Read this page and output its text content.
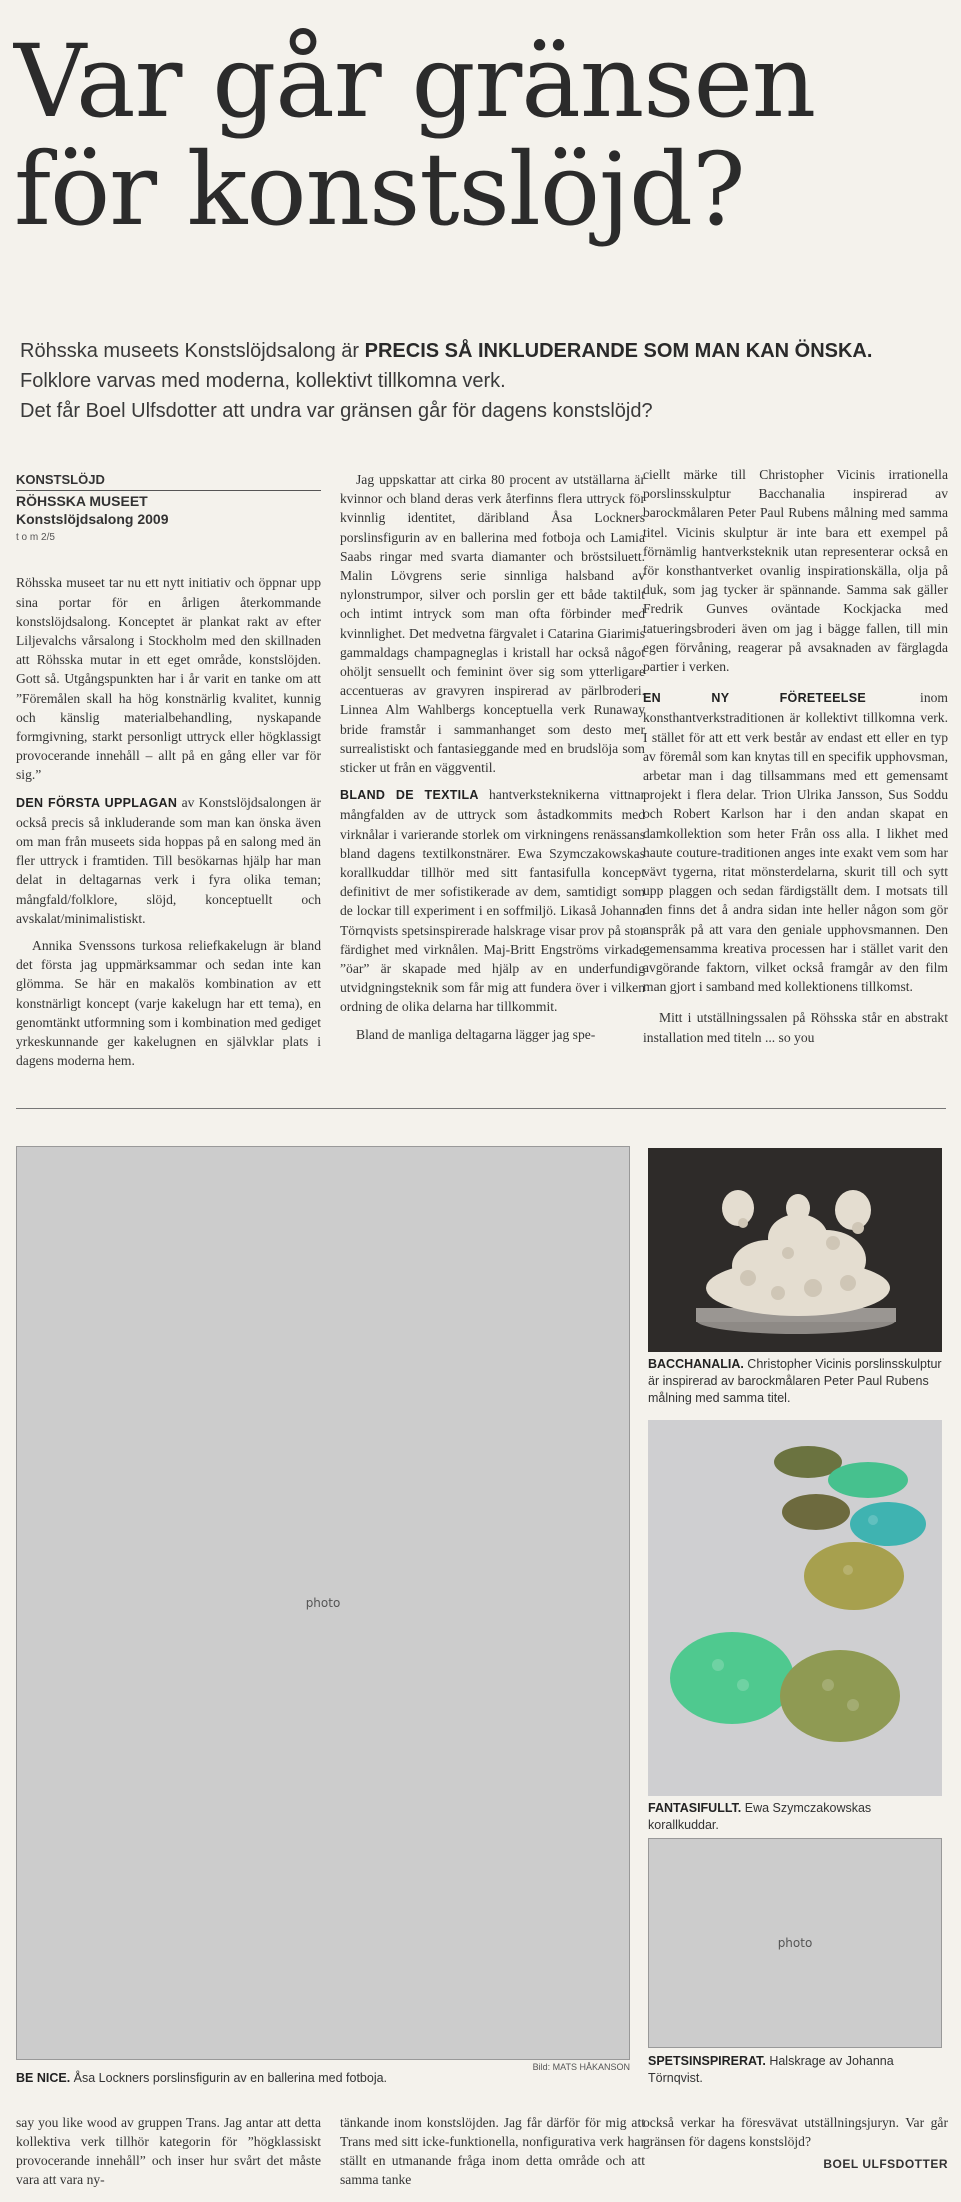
Var går gränsen
för konstslöjd?
Röhsska museets Konstslöjdsalong är PRECIS SÅ INKLUDERANDE SOM MAN KAN ÖNSKA.
Folklore varvas med moderna, kollektivt tillkomna verk.
Det får Boel Ulfsdotter att undra var gränsen går för dagens konstslöjd?
KONSTSLÖJD
RÖHSSKA MUSEET
Konstslöjdsalong 2009
t o m 2/5

Röhsska museet tar nu ett nytt initiativ och öppnar upp sina portar för en årligen återkommande konstslöjdsalong. Konceptet är plankat rakt av efter Liljevalchs vårsalong i Stockholm med den skillnaden att Röhsska mutar in ett eget område, konstslöjden. Gott så. Utgångspunkten har i år varit en tanke om att ”Föremålen skall ha hög konstnärlig kvalitet, kunnig och känslig materialbehandling, nyskapande formgivning, starkt personligt uttryck eller högklassigt provocerande innehåll – allt på en gång eller var för sig.”

DEN FÖRSTA UPPLAGAN av Konstslöjdsalongen är också precis så inkluderande som man kan önska även om man från museets sida hoppas på en salong med än fler uttryck i framtiden. Till besökarnas hjälp har man delat in deltagarnas verk i fyra olika teman; mångfald/folklore, slöjd, konceptuellt och avskalat/minimalistiskt.

Annika Svenssons turkosa reliefkakelugn är bland det första jag uppmärksammar och sedan inte kan glömma. Se här en makalös kombination av ett konstnärligt koncept (varje kakelugn har ett tema), en genomtänkt utformning som i kombination med gediget yrkeskunnande ger kakelugnen en självklar plats i dagens moderna hem.

Jag uppskattar att cirka 80 procent av utställarna är kvinnor och bland deras verk återfinns flera uttryck för kvinnlig identitet, däribland Åsa Lockners porslinsfigurin av en ballerina med fotboja och Lamia Saabs ringar med svarta diamanter och bröstsiluett. Malin Lövgrens serie sinnliga halsband av nylonstrumpor, silver och porslin ger ett både taktilt och intimt intryck som man ofta förbinder med kvinnlighet. Det medvetna färgvalet i Catarina Giarimis gammaldags champagneglas i kristall har också något ohöljt sensuellt och feminint över sig som ytterligare accentueras av gravyren inspirerad av pärlbroderi. Linnea Alm Wahlbergs konceptuella verk Runaway bride framstår i sammanhanget som desto mer surrealistiskt och fantasieggande med en brudslöja som sticker ut från en väggventil.

BLAND DE TEXTILA hantverksteknikerna vittnar mångfalden av de uttryck som åstadkommits med virknålar i varierande storlek om virkningens renässans bland dagens textilkonstnärer. Ewa Szymczakowskas korallkuddar tillhör med sitt fantasifulla koncept definitivt de mer sofistikerade av dem, samtidigt som de lockar till experiment i en soffmiljö. Likaså Johanna Törnqvists spetsinspirerade halskrage visar prov på stor färdighet med virknålen. Maj-Britt Engströms virkade ”öar” är skapade med hjälp av en underfundig utvidgningsteknik som får mig att fundera över i vilken ordning de olika delarna har tillkommit.

Bland de manliga deltagarna lägger jag spe-

ciellt märke till Christopher Vicinis irrationella porslinsskulptur Bacchanalia inspirerad av barockmålaren Peter Paul Rubens målning med samma titel. Vicinis skulptur är inte bara ett exempel på förnämlig hantverksteknik utan representerar också en för konsthantverket ovanlig inspirationskälla, olja på duk, som jag tycker är spännande. Samma sak gäller Fredrik Gunves oväntade Kockjacka med tatueringsbroderi även om jag i bägge fallen, till min egen förvåning, reagerar på avsaknaden av färglagda partier i verken.

EN NY FÖRETEELSE inom konsthantverkstraditionen är kollektivt tillkomna verk. I stället för att ett verk består av endast ett eller en typ av föremål som kan knytas till en specifik upphovsman, arbetar man i dag tillsammans med ett gemensamt projekt i flera delar. Trion Ulrika Jansson, Sus Soddu och Robert Karlson har i den andan skapat en damkollektion som heter Från oss alla. I likhet med haute couture-traditionen anges inte exakt vem som har vävt tygerna, ritat mönsterdelarna, skurit till och sytt upp plaggen och sedan färdigställt dem. I motsats till den finns det å andra sidan inte heller någon som gör anspråk på att vara den geniale upphovsmannen. Den gemensamma kreativa processen har i stället varit den avgörande faktorn, vilket också framgår av den film man gjort i samband med kollektionens tillkomst.

Mitt i utställningssalen på Röhsska står en abstrakt installation med titeln ... so you

photo
Bild: MATS HÅKANSON
BE NICE. Åsa Lockners porslinsfigurin av en ballerina med fotboja.
BACCHANALIA. Christopher Vicinis porslinsskulptur är inspirerad av barockmålaren Peter Paul Rubens målning med samma titel.
FANTASIFULLT. Ewa Szymczakowskas korallkuddar.
photo
SPETSINSPIRERAT. Halskrage av Johanna Törnqvist.
say you like wood av gruppen Trans. Jag antar att detta kollektiva verk tillhör kategorin för ”högklassiskt provocerande innehåll” och inser hur svårt det måste vara att vara ny-
tänkande inom konstslöjden. Jag får därför för mig att Trans med sitt icke-funktionella, nonfigurativa verk har ställt en utmanande fråga inom detta område och att samma tanke
också verkar ha föresvävat utställningsjuryn. Var går gränsen för dagens konstslöjd?
BOEL ULFSDOTTER
